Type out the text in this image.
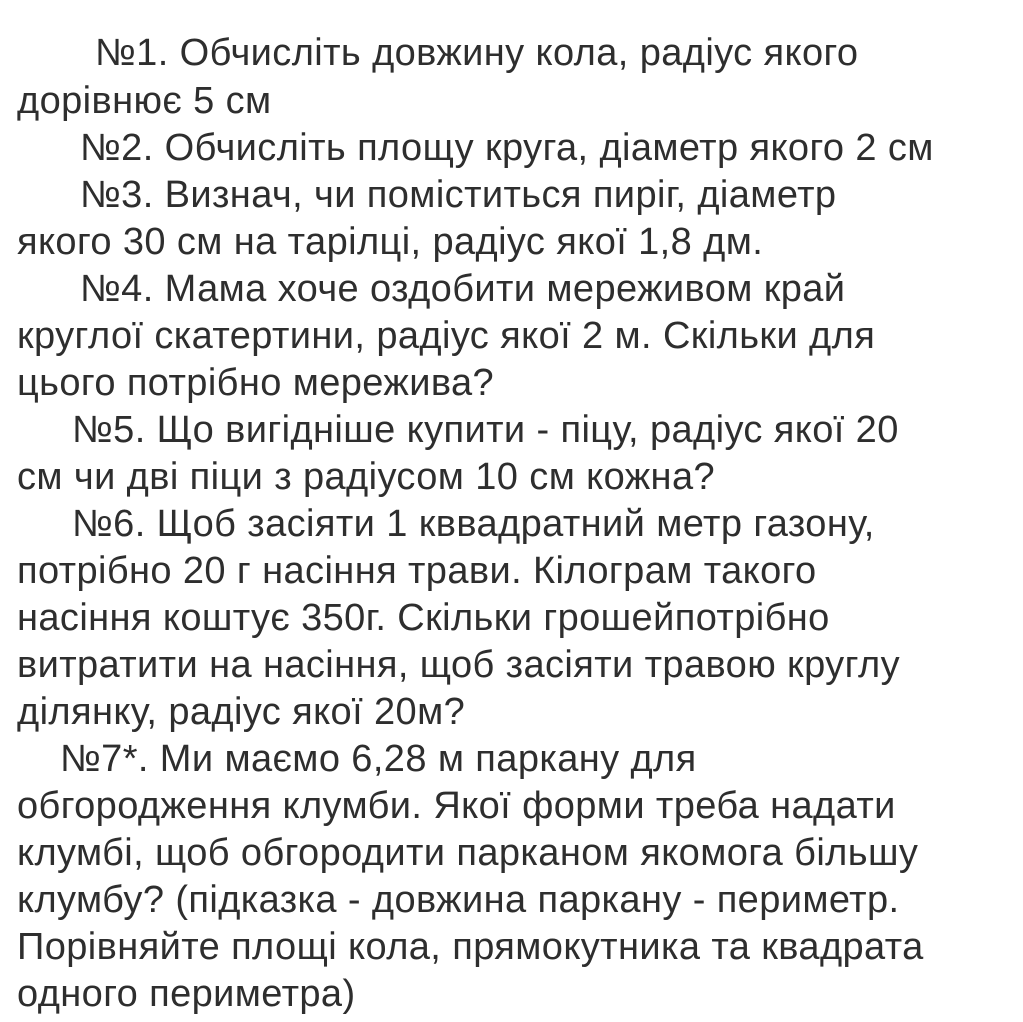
№1. Обчисліть довжину кола, радіус якого
дорівнює 5 см
№2. Обчисліть площу круга, діаметр якого 2 см
№3. Визнач, чи поміститься пиріг, діаметр
якого 30 см на тарілці, радіус якої 1,8 дм.
№4. Мама хоче оздобити мереживом край
круглої скатертини, радіус якої 2 м. Скільки для
цього потрібно мережива?
№5. Що вигідніше купити - піцу, радіус якої 20
см чи дві піци з радіусом 10 см кожна?
№6. Щоб засіяти 1 кввадратний метр газону,
потрібно 20 г насіння трави. Кілограм такого
насіння коштує 350г. Скільки грошейпотрібно
витратити на насіння, щоб засіяти травою круглу
ділянку, радіус якої 20м?
№7*. Ми маємо 6,28 м паркану для
обгородження клумби. Якої форми треба надати
клумбі, щоб обгородити парканом якомога більшу
клумбу? (підказка - довжина паркану - периметр.
Порівняйте площі кола, прямокутника та квадрата
одного периметра)
